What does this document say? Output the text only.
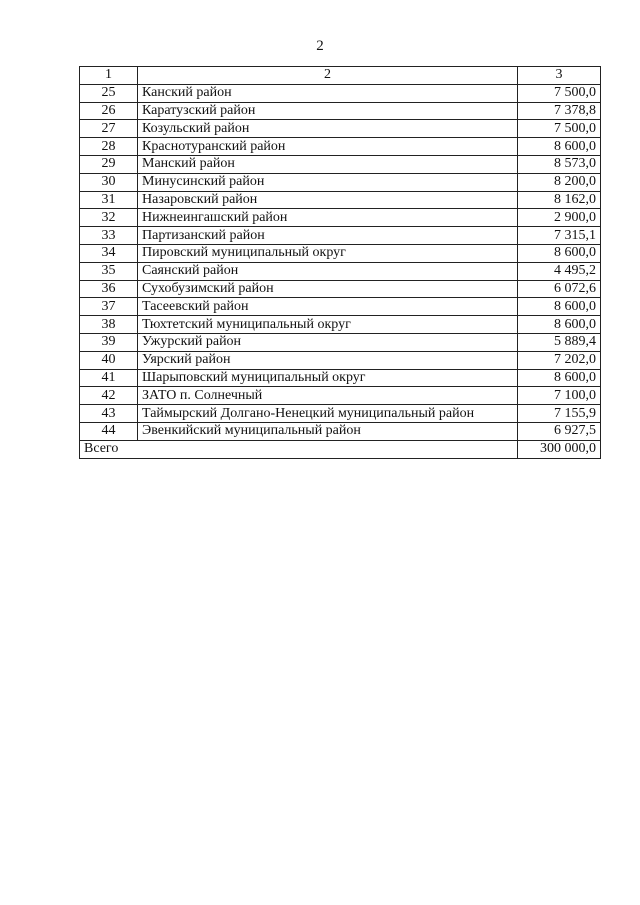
2
1	2	3
25	Канский район	7 500,0
26	Каратузский район	7 378,8
27	Козульский район	7 500,0
28	Краснотуранский район	8 600,0
29	Манский район	8 573,0
30	Минусинский район	8 200,0
31	Назаровский район	8 162,0
32	Нижнеингашский район	2 900,0
33	Партизанский район	7 315,1
34	Пировский муниципальный округ	8 600,0
35	Саянский район	4 495,2
36	Сухобузимский район	6 072,6
37	Тасеевский район	8 600,0
38	Тюхтетский муниципальный округ	8 600,0
39	Ужурский район	5 889,4
40	Уярский район	7 202,0
41	Шарыповский муниципальный округ	8 600,0
42	ЗАТО п. Солнечный	7 100,0
43	Таймырский Долгано-Ненецкий муниципальный район	7 155,9
44	Эвенкийский муниципальный район	6 927,5
Всего		300 000,0
